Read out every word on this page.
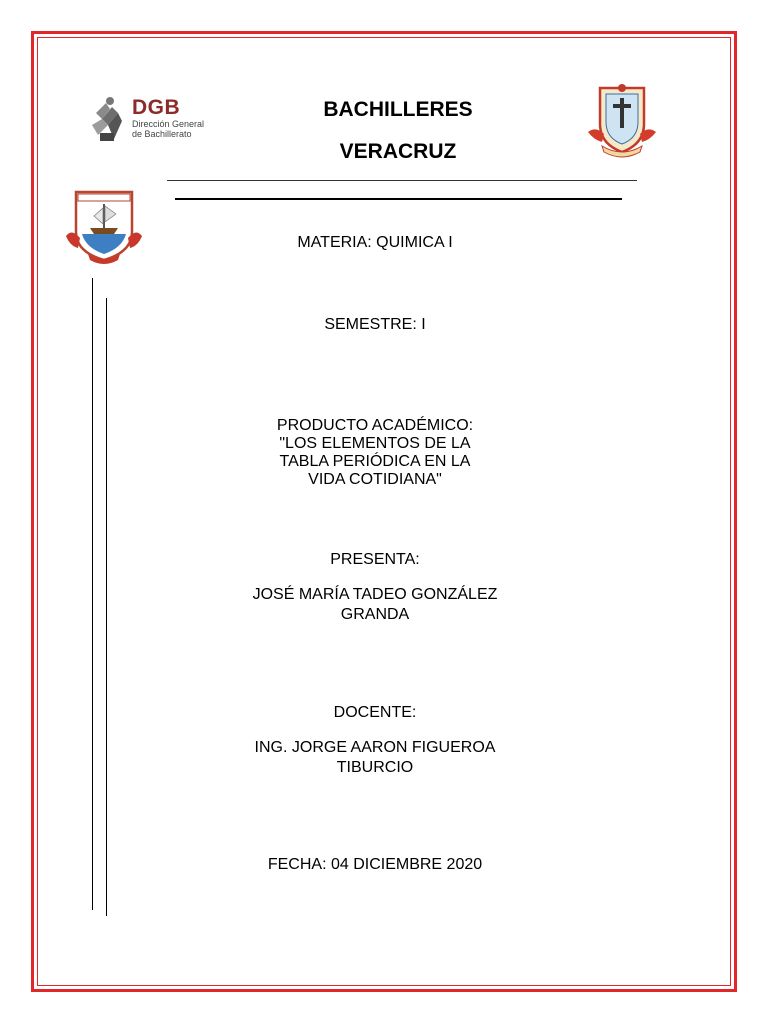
DGB
Dirección General
de Bachillerato
BACHILLERES
VERACRUZ
MATERIA: QUIMICA I
SEMESTRE: I
PRODUCTO ACADÉMICO:
"LOS ELEMENTOS DE LA
TABLA PERIÓDICA EN LA
VIDA COTIDIANA"
PRESENTA:
JOSÉ MARÍA TADEO GONZÁLEZ
GRANDA
DOCENTE:
ING. JORGE AARON FIGUEROA
TIBURCIO
FECHA: 04 DICIEMBRE 2020
